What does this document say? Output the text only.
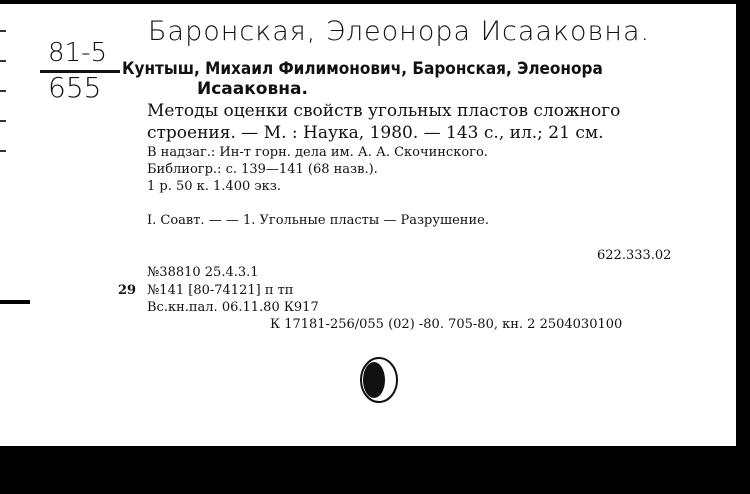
Баронская, Элеонора Исааковна.
81-5
655
Кунтыш, Михаил Филимонович, Баронская, Элеонора
Исааковна.
Методы оценки свойств угольных пластов сложного
строения. — М. : Наука, 1980. — 143 с., ил.; 21 см.
В надзаг.: Ин-т горн. дела им. А. А. Скочинского.
Библиогр.: с. 139—141 (68 назв.).
1 р. 50 к. 1.400 экз.
I. Соавт. — — 1. Угольные пласты — Разрушение.
622.333.02
№38810 25.4.3.1
29 №141 [80-74121] п тп
Вс.кн.пал. 06.11.80 К917
К 17181-256/055 (02) -80. 705-80, кн. 2 2504030100
